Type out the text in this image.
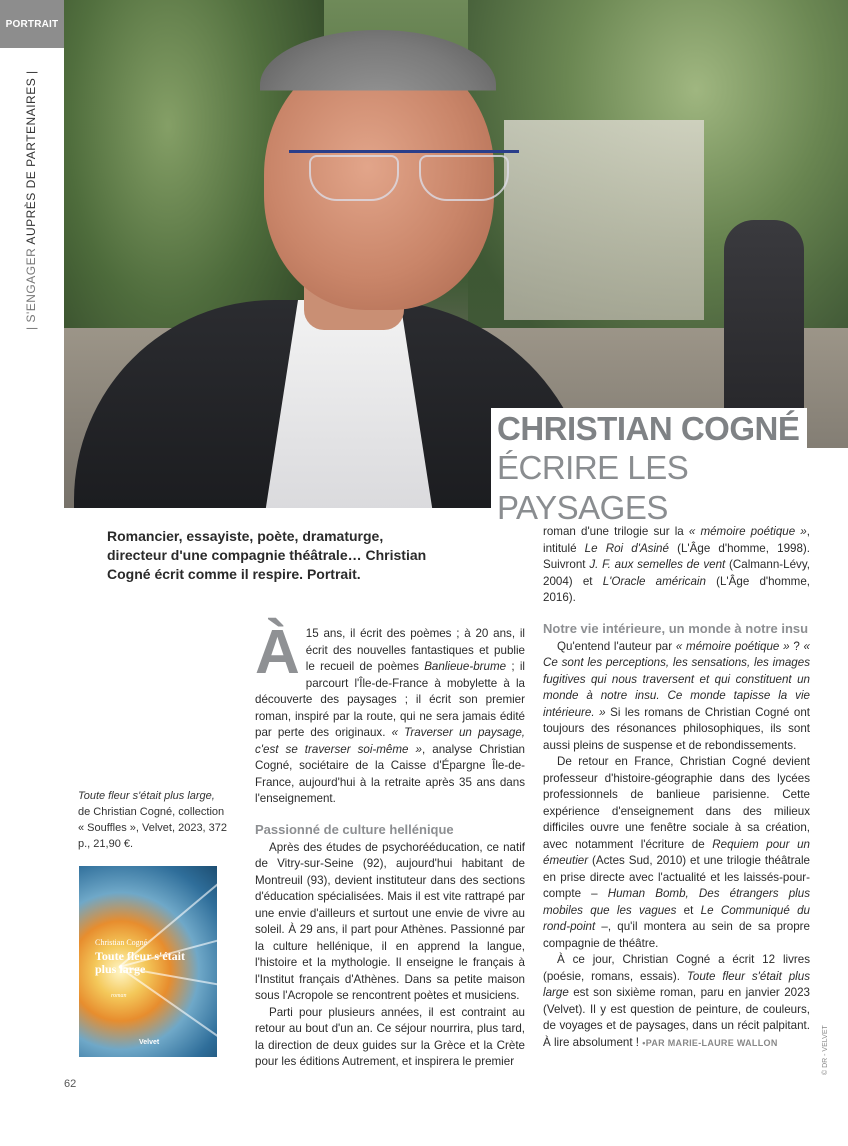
PORTRAIT
| S'ENGAGER AUPRÈS DE PARTENAIRES |
CHRISTIAN COGNÉ
ÉCRIRE LES PAYSAGES

Romancier, essayiste, poète, dramaturge, directeur d'une compagnie théâtrale… Christian Cogné écrit comme il respire. Portrait.

Toute fleur s'était plus large,
de Christian Cogné, collection « Souffles », Velvet, 2023, 372 p., 21,90 €.

Christian Cogné
Toute fleur s'était plus large
roman
Velvet

À 15 ans, il écrit des poèmes ; à 20 ans, il écrit des nouvelles fantastiques et publie le recueil de poèmes Banlieue-brume ; il parcourt l'Île-de-France à mobylette à la découverte des paysages ; il écrit son premier roman, inspiré par la route, qui ne sera jamais édité par perte des originaux. « Traverser un paysage, c'est se traverser soi-même », analyse Christian Cogné, sociétaire de la Caisse d'Épargne Île-de-France, aujourd'hui à la retraite après 35 ans dans l'enseignement.

Passionné de culture hellénique

Après des études de psychorééducation, ce natif de Vitry-sur-Seine (92), aujourd'hui habitant de Montreuil (93), devient instituteur dans des sections d'éducation spécialisées. Mais il est vite rattrapé par une envie d'ailleurs et surtout une envie de vivre au soleil. À 29 ans, il part pour Athènes. Passionné par la culture hellénique, il en apprend la langue, l'histoire et la mythologie. Il enseigne le français à l'Institut français d'Athènes. Dans sa petite maison sous l'Acropole se rencontrent poètes et musiciens.

Parti pour plusieurs années, il est contraint au retour au bout d'un an. Ce séjour nourrira, plus tard, la direction de deux guides sur la Grèce et la Crète pour les éditions Autrement, et inspirera le premier

roman d'une trilogie sur la « mémoire poétique », intitulé Le Roi d'Asiné (L'Âge d'homme, 1998). Suivront J. F. aux semelles de vent (Calmann-Lévy, 2004) et L'Oracle américain (L'Âge d'homme, 2016).

Notre vie intérieure, un monde à notre insu

Qu'entend l'auteur par « mémoire poétique » ? « Ce sont les perceptions, les sensations, les images fugitives qui nous traversent et qui constituent un monde à notre insu. Ce monde tapisse la vie intérieure. » Si les romans de Christian Cogné ont toujours des résonances philosophiques, ils sont aussi pleins de suspense et de rebondissements.

De retour en France, Christian Cogné devient professeur d'histoire-géographie dans des lycées professionnels de banlieue parisienne. Cette expérience d'enseignement dans des milieux difficiles ouvre une fenêtre sociale à sa création, avec notamment l'écriture de Requiem pour un émeutier (Actes Sud, 2010) et une trilogie théâtrale en prise directe avec l'actualité et les laissés-pour-compte – Human Bomb, Des étrangers plus mobiles que les vagues et Le Communiqué du rond-point –, qu'il montera au sein de sa propre compagnie de théâtre.

À ce jour, Christian Cogné a écrit 12 livres (poésie, romans, essais). Toute fleur s'était plus large est son sixième roman, paru en janvier 2023 (Velvet). Il y est question de peinture, de couleurs, de voyages et de paysages, dans un récit palpitant. À lire absolument ! •PAR MARIE-LAURE WALLON

62
© DR - VELVET
